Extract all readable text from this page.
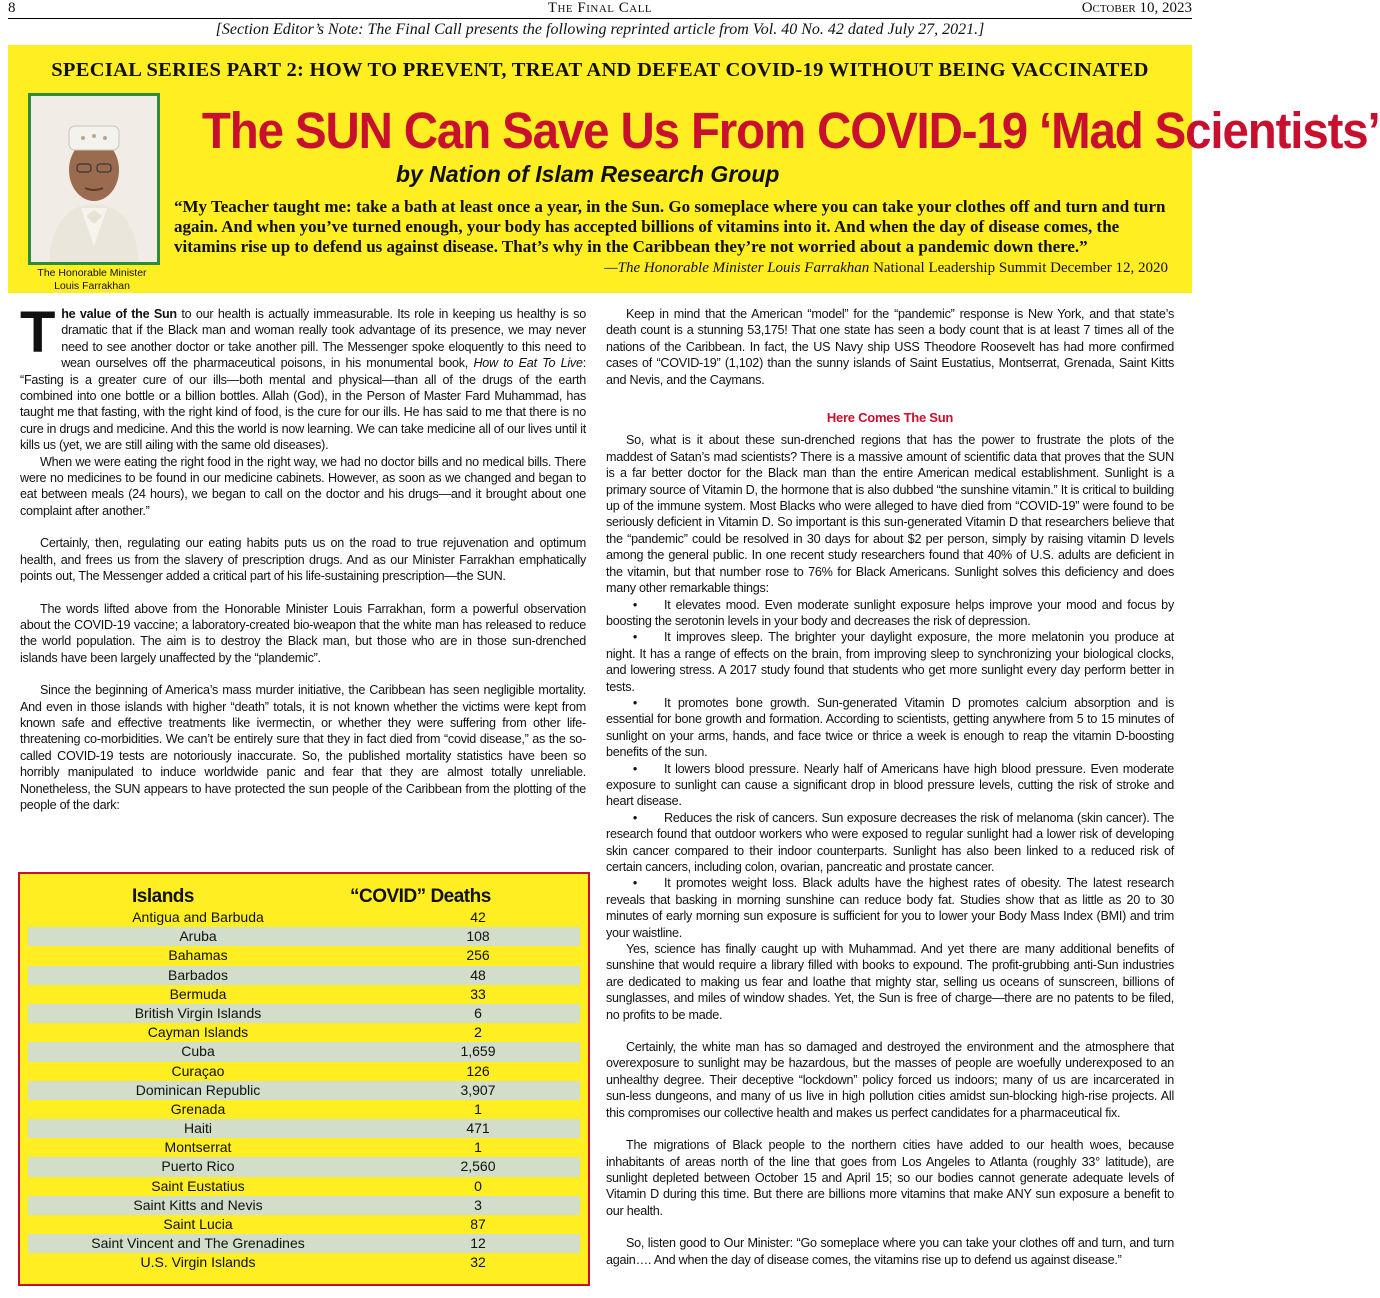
8	The Final Call	October 10, 2023
[Section Editor’s Note: The Final Call presents the following reprinted article from Vol. 40 No. 42 dated July 27, 2021.]
SPECIAL SERIES PART 2: HOW TO PREVENT, TREAT AND DEFEAT COVID-19 WITHOUT BEING VACCINATED
The Honorable Minister
Louis Farrakhan
The SUN Can Save Us From COVID-19 ‘Mad Scientists’
by Nation of Islam Research Group
“My Teacher taught me: take a bath at least once a year, in the Sun. Go someplace where you can take your clothes off and turn and turn again. And when you’ve turned enough, your body has accepted billions of vitamins into it. And when the day of disease comes, the vitamins rise up to defend us against disease. That’s why in the Caribbean they’re not worried about a pandemic down there.”
—The Honorable Minister Louis Farrakhan National Leadership Summit December 12, 2020

The value of the Sun to our health is actually immeasurable. Its role in keeping us healthy is so dramatic that if the Black man and woman really took advantage of its presence, we may never need to see another doctor or take another pill. The Messenger spoke eloquently to this need to wean ourselves off the pharmaceutical poisons, in his monumental book, How to Eat To Live: “Fasting is a greater cure of our ills—both mental and physical—than all of the drugs of the earth combined into one bottle or a billion bottles. Allah (God), in the Person of Master Fard Muhammad, has taught me that fasting, with the right kind of food, is the cure for our ills. He has said to me that there is no cure in drugs and medicine. And this the world is now learning. We can take medicine all of our lives until it kills us (yet, we are still ailing with the same old diseases).

When we were eating the right food in the right way, we had no doctor bills and no medical bills. There were no medicines to be found in our medicine cabinets. However, as soon as we changed and began to eat between meals (24 hours), we began to call on the doctor and his drugs—and it brought about one complaint after another.”

Certainly, then, regulating our eating habits puts us on the road to true rejuvenation and optimum health, and frees us from the slavery of prescription drugs. And as our Minister Farrakhan emphatically points out, The Messenger added a critical part of his life-sustaining prescription—the SUN.

The words lifted above from the Honorable Minister Louis Farrakhan, form a powerful observation about the COVID-19 vaccine; a laboratory-created bio-weapon that the white man has released to reduce the world population. The aim is to destroy the Black man, but those who are in those sun-drenched islands have been largely unaffected by the “plandemic”.

Since the beginning of America’s mass murder initiative, the Caribbean has seen negligible mortality. And even in those islands with higher “death” totals, it is not known whether the victims were kept from known safe and effective treatments like ivermectin, or whether they were suffering from other life-threatening co-morbidities. We can’t be entirely sure that they in fact died from “covid disease,” as the so-called COVID-19 tests are notoriously inaccurate. So, the published mortality statistics have been so horribly manipulated to induce worldwide panic and fear that they are almost totally unreliable. Nonetheless, the SUN appears to have protected the sun people of the Caribbean from the plotting of the people of the dark:

Islands	“COVID” Deaths
Antigua and Barbuda	42
Aruba	108
Bahamas	256
Barbados	48
Bermuda	33
British Virgin Islands	6
Cayman Islands	2
Cuba	1,659
Curaçao	126
Dominican Republic	3,907
Grenada	1
Haiti	471
Montserrat	1
Puerto Rico	2,560
Saint Eustatius	0
Saint Kitts and Nevis	3
Saint Lucia	87
Saint Vincent and The Grenadines	12
U.S. Virgin Islands	32

Keep in mind that the American “model” for the “pandemic” response is New York, and that state’s death count is a stunning 53,175! That one state has seen a body count that is at least 7 times all of the nations of the Caribbean. In fact, the US Navy ship USS Theodore Roosevelt has had more confirmed cases of “COVID-19” (1,102) than the sunny islands of Saint Eustatius, Montserrat, Grenada, Saint Kitts and Nevis, and the Caymans.

Here Comes The Sun

So, what is it about these sun-drenched regions that has the power to frustrate the plots of the maddest of Satan’s mad scientists? There is a massive amount of scientific data that proves that the SUN is a far better doctor for the Black man than the entire American medical establishment. Sunlight is a primary source of Vitamin D, the hormone that is also dubbed “the sunshine vitamin.” It is critical to building up of the immune system. Most Blacks who were alleged to have died from “COVID-19” were found to be seriously deficient in Vitamin D. So important is this sun-generated Vitamin D that researchers believe that the “pandemic” could be resolved in 30 days for about $2 per person, simply by raising vitamin D levels among the general public. In one recent study researchers found that 40% of U.S. adults are deficient in the vitamin, but that number rose to 76% for Black Americans. Sunlight solves this deficiency and does many other remarkable things:

• It elevates mood. Even moderate sunlight exposure helps improve your mood and focus by boosting the serotonin levels in your body and decreases the risk of depression.

• It improves sleep. The brighter your daylight exposure, the more melatonin you produce at night. It has a range of effects on the brain, from improving sleep to synchronizing your biological clocks, and lowering stress. A 2017 study found that students who get more sunlight every day perform better in tests.

• It promotes bone growth. Sun-generated Vitamin D promotes calcium absorption and is essential for bone growth and formation. According to scientists, getting anywhere from 5 to 15 minutes of sunlight on your arms, hands, and face twice or thrice a week is enough to reap the vitamin D-boosting benefits of the sun.

• It lowers blood pressure. Nearly half of Americans have high blood pressure. Even moderate exposure to sunlight can cause a significant drop in blood pressure levels, cutting the risk of stroke and heart disease.

• Reduces the risk of cancers. Sun exposure decreases the risk of melanoma (skin cancer). The research found that outdoor workers who were exposed to regular sunlight had a lower risk of developing skin cancer compared to their indoor counterparts. Sunlight has also been linked to a reduced risk of certain cancers, including colon, ovarian, pancreatic and prostate cancer.

• It promotes weight loss. Black adults have the highest rates of obesity. The latest research reveals that basking in morning sunshine can reduce body fat. Studies show that as little as 20 to 30 minutes of early morning sun exposure is sufficient for you to lower your Body Mass Index (BMI) and trim your waistline.

Yes, science has finally caught up with Muhammad. And yet there are many additional benefits of sunshine that would require a library filled with books to expound. The profit-grubbing anti-Sun industries are dedicated to making us fear and loathe that mighty star, selling us oceans of sunscreen, billions of sunglasses, and miles of window shades. Yet, the Sun is free of charge—there are no patents to be filed, no profits to be made.

Certainly, the white man has so damaged and destroyed the environment and the atmosphere that overexposure to sunlight may be hazardous, but the masses of people are woefully underexposed to an unhealthy degree. Their deceptive “lockdown” policy forced us indoors; many of us are incarcerated in sun-less dungeons, and many of us live in high pollution cities amidst sun-blocking high-rise projects. All this compromises our collective health and makes us perfect candidates for a pharmaceutical fix.

The migrations of Black people to the northern cities have added to our health woes, because inhabitants of areas north of the line that goes from Los Angeles to Atlanta (roughly 33° latitude), are sunlight depleted between October 15 and April 15; so our bodies cannot generate adequate levels of Vitamin D during this time. But there are billions more vitamins that make ANY sun exposure a benefit to our health.

So, listen good to Our Minister: “Go someplace where you can take your clothes off and turn, and turn again…. And when the day of disease comes, the vitamins rise up to defend us against disease.”
